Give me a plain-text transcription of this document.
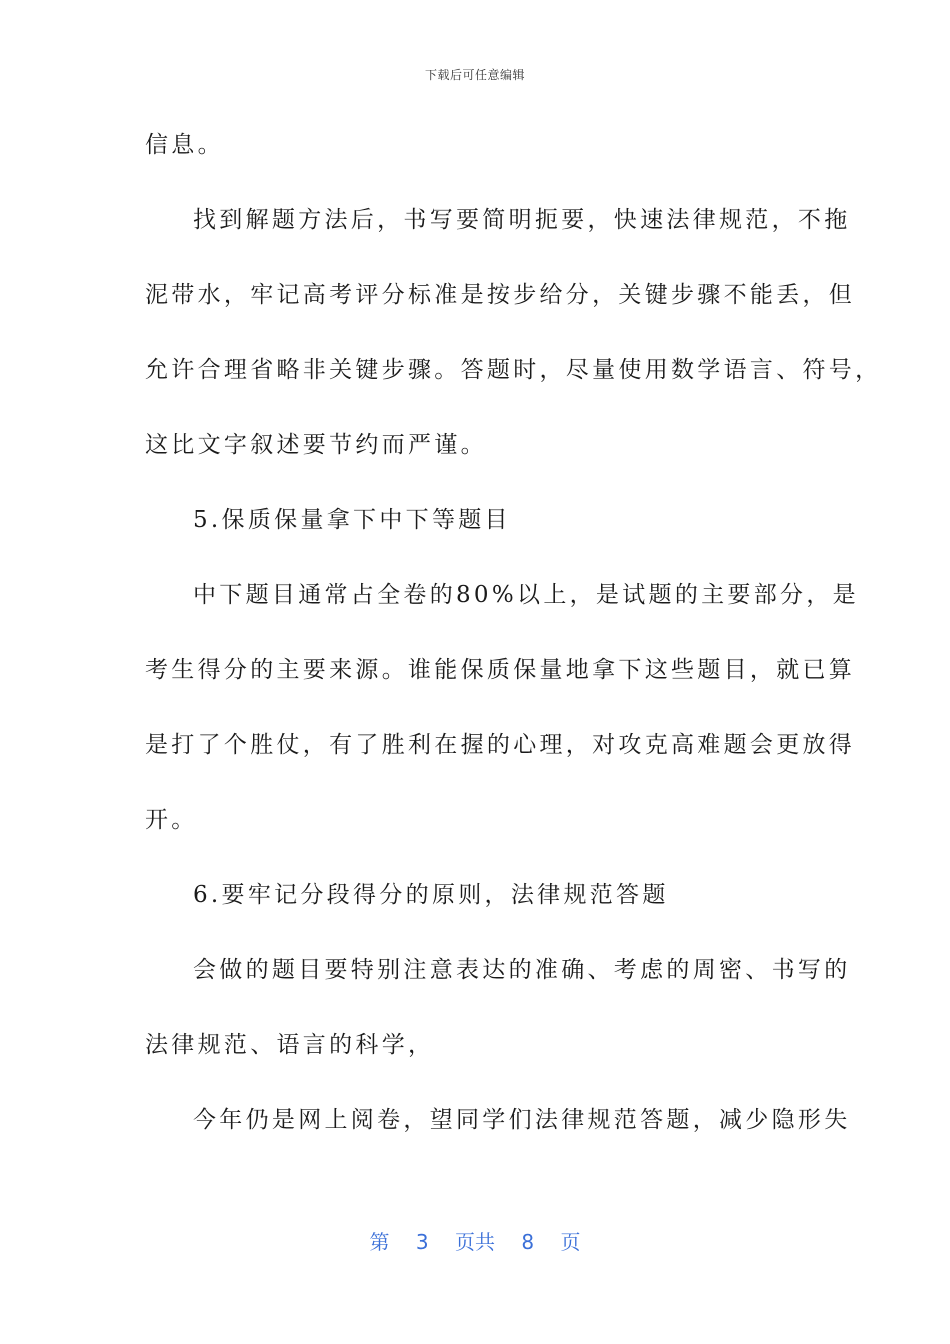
下载后可任意编辑
信息。
找到解题方法后，书写要简明扼要，快速法律规范，不拖
泥带水，牢记高考评分标准是按步给分，关键步骤不能丢，但
允许合理省略非关键步骤。答题时，尽量使用数学语言、符号，
这比文字叙述要节约而严谨。
5.保质保量拿下中下等题目
中下题目通常占全卷的80%以上，是试题的主要部分，是
考生得分的主要来源。谁能保质保量地拿下这些题目，就已算
是打了个胜仗，有了胜利在握的心理，对攻克高难题会更放得
开。
6.要牢记分段得分的原则，法律规范答题
会做的题目要特别注意表达的准确、考虑的周密、书写的
法律规范、语言的科学，
今年仍是网上阅卷，望同学们法律规范答题，减少隐形失
第 3 页共 8 页
